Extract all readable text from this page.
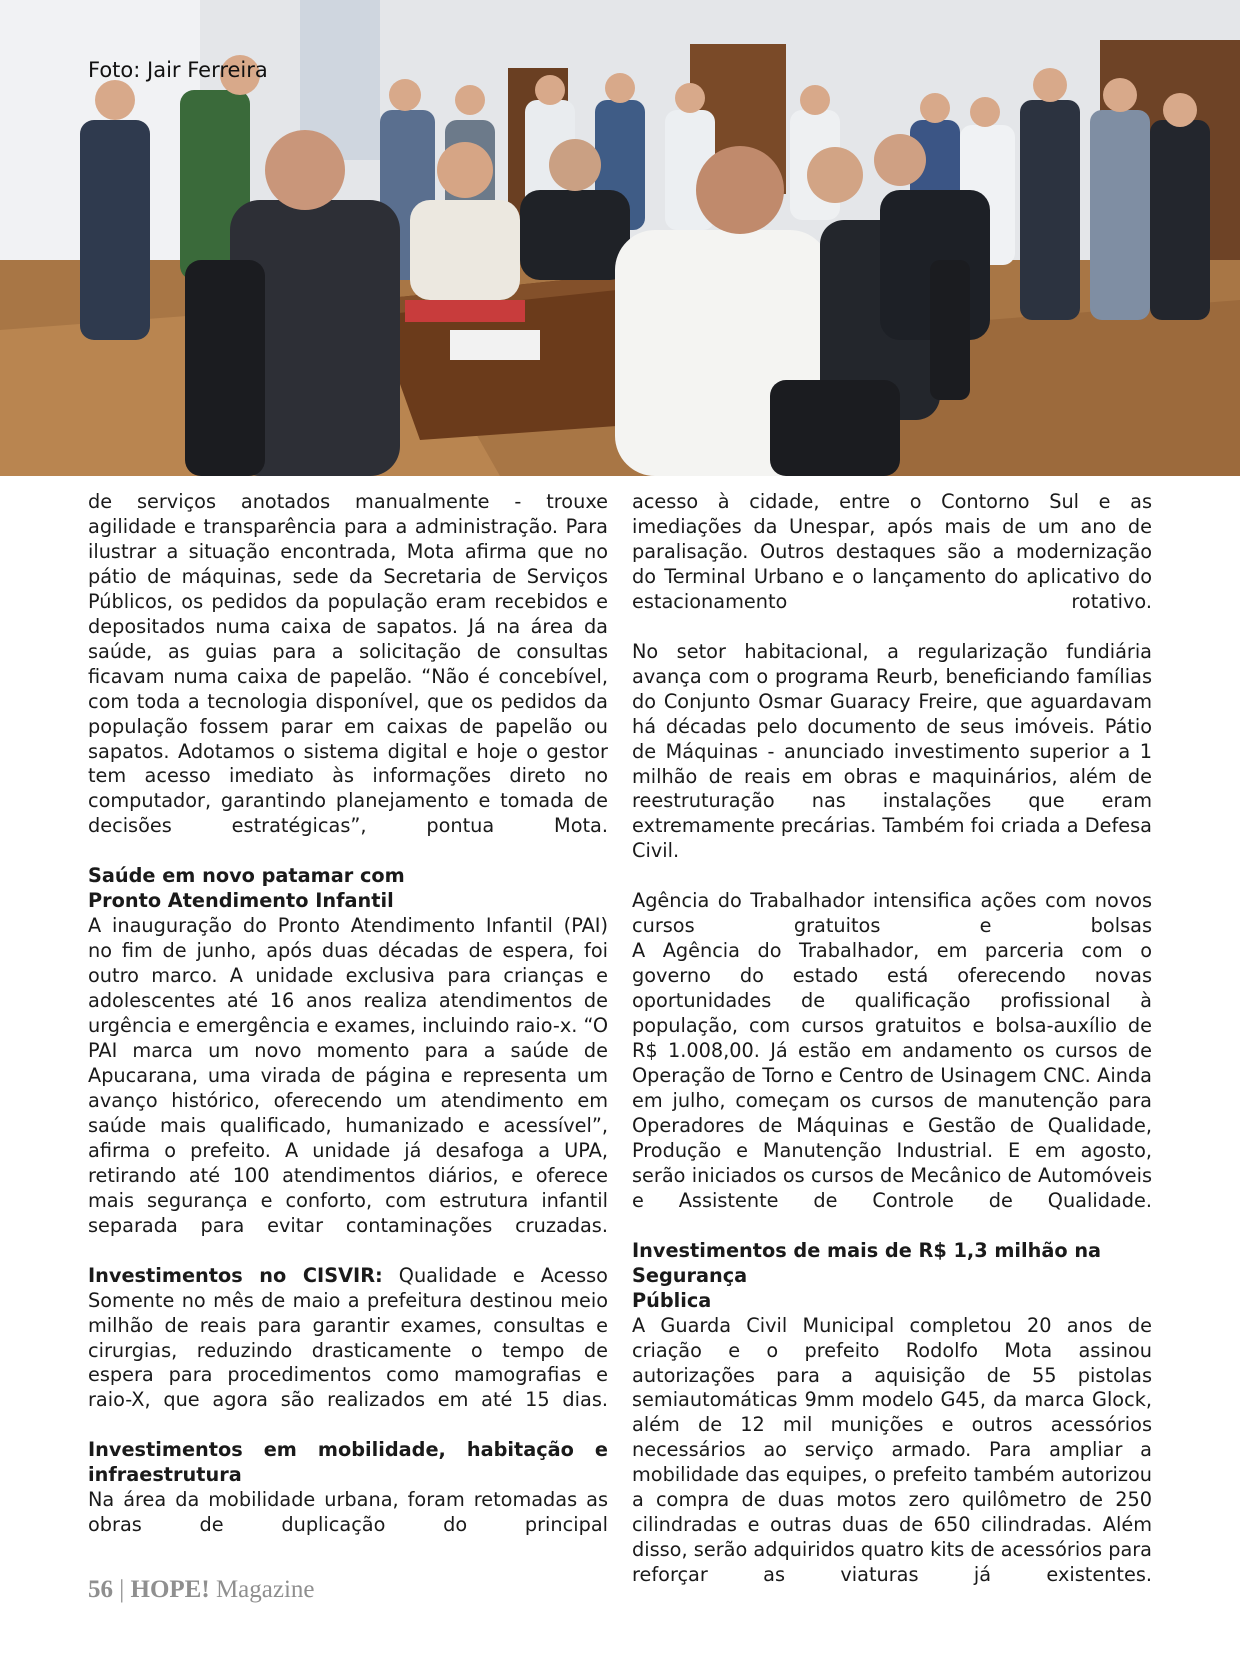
Foto: Jair Ferreira

de serviços anotados manualmente - trouxe agilidade e transparência para a administração. Para ilustrar a situação encontrada, Mota afirma que no pátio de máquinas, sede da Secretaria de Serviços Públicos, os pedidos da população eram recebidos e depositados numa caixa de sapatos. Já na área da saúde, as guias para a solicitação de consultas ficavam numa caixa de papelão. “Não é concebível, com toda a tecnologia disponível, que os pedidos da população fossem parar em caixas de papelão ou sapatos. Adotamos o sistema digital e hoje o gestor tem acesso imediato às informações direto no computador, garantindo planejamento e tomada de decisões estratégicas”, pontua Mota.

Saúde em novo patamar com
Pronto Atendimento Infantil

A inauguração do Pronto Atendimento Infantil (PAI) no fim de junho, após duas décadas de espera, foi outro marco. A unidade exclusiva para crianças e adolescentes até 16 anos realiza atendimentos de urgência e emergência e exames, incluindo raio-x. “O PAI marca um novo momento para a saúde de Apucarana, uma virada de página e representa um avanço histórico, oferecendo um atendimento em saúde mais qualificado, humanizado e acessível”, afirma o prefeito. A unidade já desafoga a UPA, retirando até 100 atendimentos diários, e oferece mais segurança e conforto, com estrutura infantil separada para evitar contaminações cruzadas.

Investimentos no CISVIR: Qualidade e Acesso

Somente no mês de maio a prefeitura destinou meio milhão de reais para garantir exames, consultas e cirurgias, reduzindo drasticamente o tempo de espera para procedimentos como mamografias e raio-X, que agora são realizados em até 15 dias.

Investimentos em mobilidade, habitação e
infraestrutura

Na área da mobilidade urbana, foram retomadas as obras de duplicação do principal

acesso à cidade, entre o Contorno Sul e as imediações da Unespar, após mais de um ano de paralisação. Outros destaques são a modernização do Terminal Urbano e o lançamento do aplicativo do estacionamento rotativo.

No setor habitacional, a regularização fundiária avança com o programa Reurb, beneficiando famílias do Conjunto Osmar Guaracy Freire, que aguardavam há décadas pelo documento de seus imóveis. Pátio de Máquinas - anunciado investimento superior a 1 milhão de reais em obras e maquinários, além de reestruturação nas instalações que eram extremamente precárias. Também foi criada a Defesa Civil.

Agência do Trabalhador intensifica ações com novos cursos gratuitos e bolsas

A Agência do Trabalhador, em parceria com o governo do estado está oferecendo novas oportunidades de qualificação profissional à população, com cursos gratuitos e bolsa-auxílio de R$ 1.008,00. Já estão em andamento os cursos de Operação de Torno e Centro de Usinagem CNC. Ainda em julho, começam os cursos de manutenção para Operadores de Máquinas e Gestão de Qualidade, Produção e Manutenção Industrial. E em agosto, serão iniciados os cursos de Mecânico de Automóveis e Assistente de Controle de Qualidade.

Investimentos de mais de R$ 1,3 milhão na Segurança
Pública

A Guarda Civil Municipal completou 20 anos de criação e o prefeito Rodolfo Mota assinou autorizações para a aquisição de 55 pistolas semiautomáticas 9mm modelo G45, da marca Glock, além de 12 mil munições e outros acessórios necessários ao serviço armado. Para ampliar a mobilidade das equipes, o prefeito também autorizou a compra de duas motos zero quilômetro de 250 cilindradas e outras duas de 650 cilindradas. Além disso, serão adquiridos quatro kits de acessórios para reforçar as viaturas já existentes.

56 | HOPE! Magazine
